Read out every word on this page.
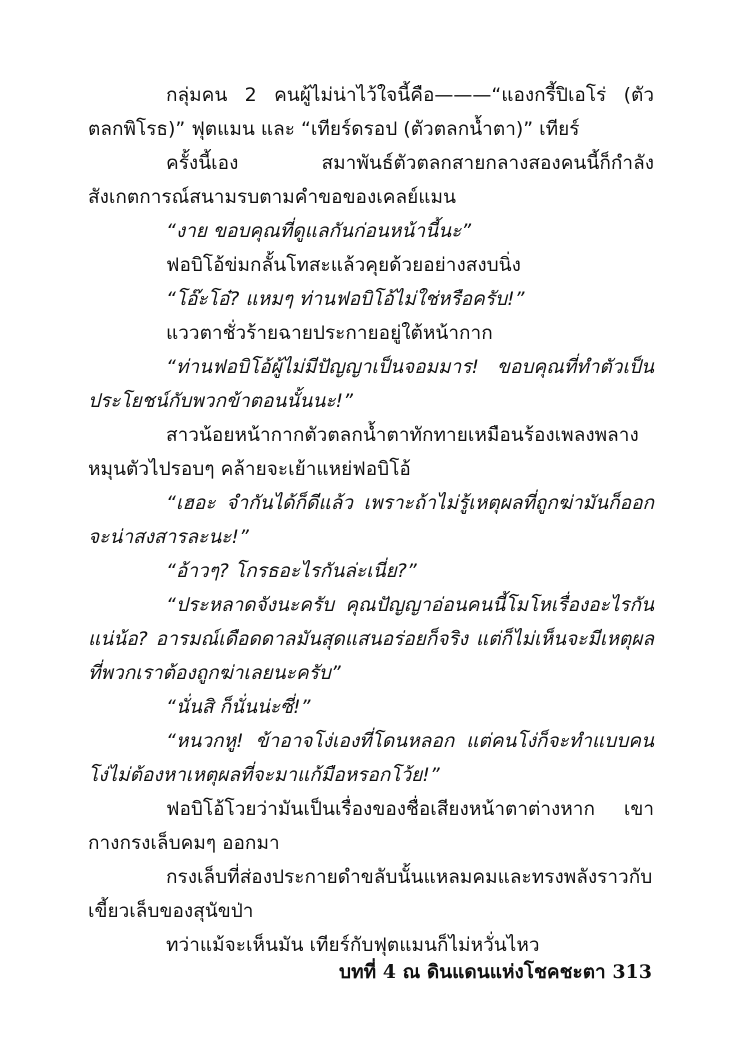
กลุ่มคน 2 คนผู้ไม่น่าไว้ใจนี้คือ———“แองกรี้ปิเอโร่ (ตัวตลกพิโรธ)” ฟุตแมน และ “เทียร์ดรอป (ตัวตลกน้ำตา)” เทียร์

ครั้งนี้เอง สมาพันธ์ตัวตลกสายกลางสองคนนี้ก็กำลังสังเกตการณ์สนามรบตามคำขอของเคลย์แมน

“งาย ขอบคุณที่ดูแลกันก่อนหน้านี้นะ”

ฟอบิโอ้ข่มกลั้นโทสะแล้วคุยด้วยอย่างสงบนิ่ง

“โอ๊ะโอ๋? แหมๆ ท่านฟอบิโอ้ไม่ใช่หรือครับ!”

แววตาชั่วร้ายฉายประกายอยู่ใต้หน้ากาก

“ท่านฟอบิโอ้ผู้ไม่มีปัญญาเป็นจอมมาร! ขอบคุณที่ทำตัวเป็นประโยชน์กับพวกข้าตอนนั้นนะ!”

สาวน้อยหน้ากากตัวตลกน้ำตาทักทายเหมือนร้องเพลงพลางหมุนตัวไปรอบๆ คล้ายจะเย้าแหย่ฟอบิโอ้

“เฮอะ จำกันได้ก็ดีแล้ว เพราะถ้าไม่รู้เหตุผลที่ถูกฆ่ามันก็ออกจะน่าสงสารละนะ!”

“อ้าวๆ? โกรธอะไรกันล่ะเนี่ย?”

“ประหลาดจังนะครับ คุณปัญญาอ่อนคนนี้โมโหเรื่องอะไรกันแน่น้อ? อารมณ์เดือดดาลมันสุดแสนอร่อยก็จริง แต่ก็ไม่เห็นจะมีเหตุผลที่พวกเราต้องถูกฆ่าเลยนะครับ”

“นั่นสิ ก็นั่นน่ะซี่!”

“หนวกหู! ข้าอาจโง่เองที่โดนหลอก แต่คนโง่ก็จะทำแบบคนโง่ไม่ต้องหาเหตุผลที่จะมาแก้มือหรอกโว้ย!”

ฟอบิโอ้โวยว่ามันเป็นเรื่องของชื่อเสียงหน้าตาต่างหาก เขากางกรงเล็บคมๆ ออกมา

กรงเล็บที่ส่องประกายดำขลับนั้นแหลมคมและทรงพลังราวกับเขี้ยวเล็บของสุนัขป่า

ทว่าแม้จะเห็นมัน เทียร์กับฟุตแมนก็ไม่หวั่นไหว

บทที่ 4 ณ ดินแดนแห่งโชคชะตา 313
